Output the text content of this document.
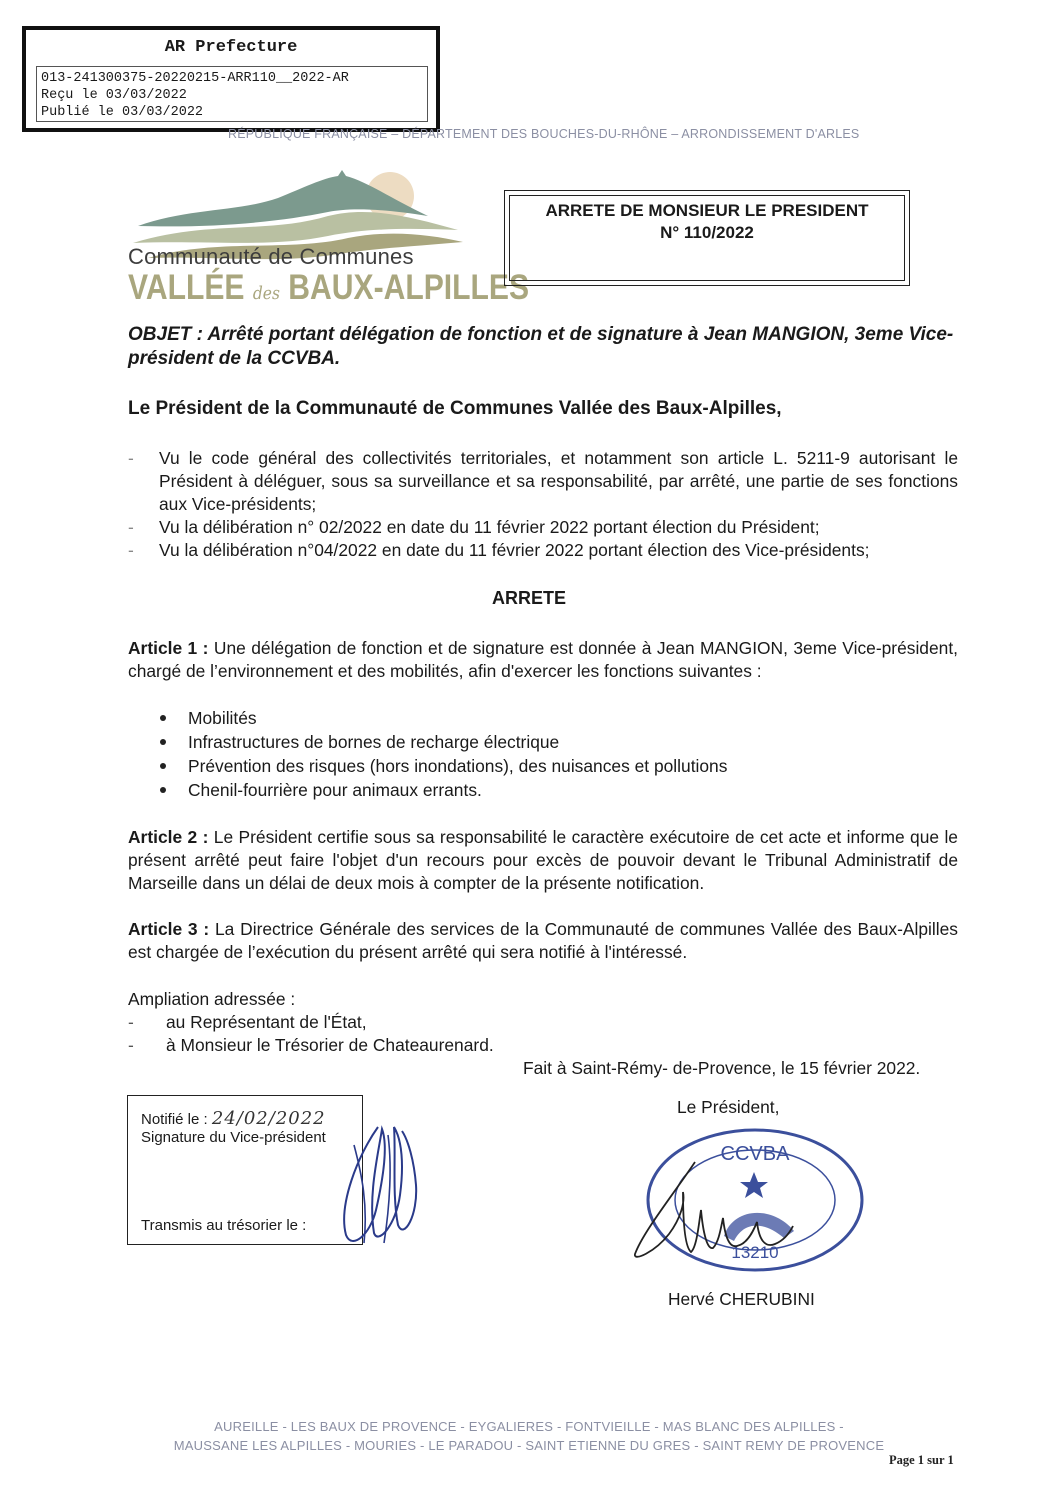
AR Prefecture
013-241300375-20220215-ARR110__2022-AR
Reçu le 03/03/2022
Publié le 03/03/2022
RÉPUBLIQUE FRANÇAISE – DÉPARTEMENT DES BOUCHES-DU-RHÔNE – ARRONDISSEMENT D'ARLES
Communauté de Communes
VALLÉE des BAUX-ALPILLES
ARRETE DE MONSIEUR LE PRESIDENT
N° 110/2022
OBJET : Arrêté portant délégation de fonction et de signature à Jean MANGION, 3eme Vice-président de la CCVBA.
Le Président de la Communauté de Communes Vallée des Baux-Alpilles,
- Vu le code général des collectivités territoriales, et notamment son article L. 5211-9 autorisant le Président à déléguer, sous sa surveillance et sa responsabilité, par arrêté, une partie de ses fonctions aux Vice-présidents;
- Vu la délibération n° 02/2022 en date du 11 février 2022 portant élection du Président;
- Vu la délibération n°04/2022 en date du 11 février 2022 portant élection des Vice-présidents;
ARRETE
Article 1 : Une délégation de fonction et de signature est donnée à Jean MANGION, 3eme Vice-président, chargé de l’environnement et des mobilités, afin d'exercer les fonctions suivantes :
Mobilités
Infrastructures de bornes de recharge électrique
Prévention des risques (hors inondations), des nuisances et pollutions
Chenil-fourrière pour animaux errants.
Article 2 : Le Président certifie sous sa responsabilité le caractère exécutoire de cet acte et informe que le présent arrêté peut faire l'objet d'un recours pour excès de pouvoir devant le Tribunal Administratif de Marseille dans un délai de deux mois à compter de la présente notification.
Article 3 : La Directrice Générale des services de la Communauté de communes Vallée des Baux-Alpilles est chargée de l’exécution du présent arrêté qui sera notifié à l'intéressé.
Ampliation adressée :
- au Représentant de l'État,
- à Monsieur le Trésorier de Chateaurenard.
Fait à Saint-Rémy- de-Provence, le 15 février 2022.
Notifié le : 24/02/2022
Signature du Vice-président
Transmis au trésorier le :
Le Président,
CCVBA
13210
Hervé CHERUBINI
AUREILLE - LES BAUX DE PROVENCE - EYGALIERES - FONTVIEILLE - MAS BLANC DES ALPILLES -
MAUSSANE LES ALPILLES - MOURIES - LE PARADOU - SAINT ETIENNE DU GRES - SAINT REMY DE PROVENCE
Page 1 sur 1
